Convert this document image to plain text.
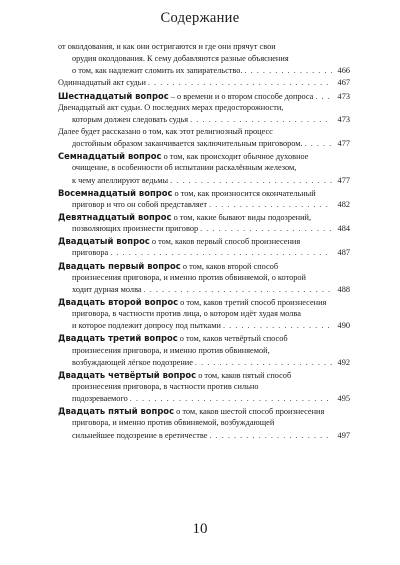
Содержание
от околдования, и как они остригаются и где они прячут свои
орудия околдования. К сему добавляются разные объяснения
о том, как надлежит сломить их запирательство. . . .	466
Одиннадцатый акт судьи . . .	467
Шестнадцатый вопрос – о времени и о втором способе допроса . . .	473
Двенадцатый акт судьи. О последних мерах предосторожности,
которым должен следовать судья . . .	473
Далее будет рассказано о том, как этот религиозный процесс
достойным образом заканчивается заключительным приговором. . . .	477
Семнадцатый вопрос о том, как происходит обычное духовное
очищение, в особенности об испытании раскалённым железом,
к чему апеллируют ведьмы . . .	477
Восемнадцатый вопрос о том, как произносится окончательный
приговор и что он собой представляет . . .	482
Девятнадцатый вопрос о том, какие бывают виды подозрений,
позволяющих произнести приговор . . .	484
Двадцатый вопрос о том, каков первый способ произнесения
приговора . . .	487
Двадцать первый вопрос о том, каков второй способ
произнесения приговора, и именно против обвиняемой, о которой
ходит дурная молва . . .	488
Двадцать второй вопрос о том, каков третий способ произнесения
приговора, в частности против лица, о котором идёт худая молва
и которое подлежит допросу под пытками . . .	490
Двадцать третий вопрос о том, каков четвёртый способ
произнесения приговора, и именно против обвиняемой,
возбуждающей лёгкое подозрение . . .	492
Двадцать четвёртый вопрос о том, каков пятый способ
произнесения приговора, в частности против сильно
подозреваемого . . .	495
Двадцать пятый вопрос о том, каков шестой способ произнесения
приговора, и именно против обвиняемой, возбуждающей
сильнейшее подозрение в еретичестве . . .	497
10
